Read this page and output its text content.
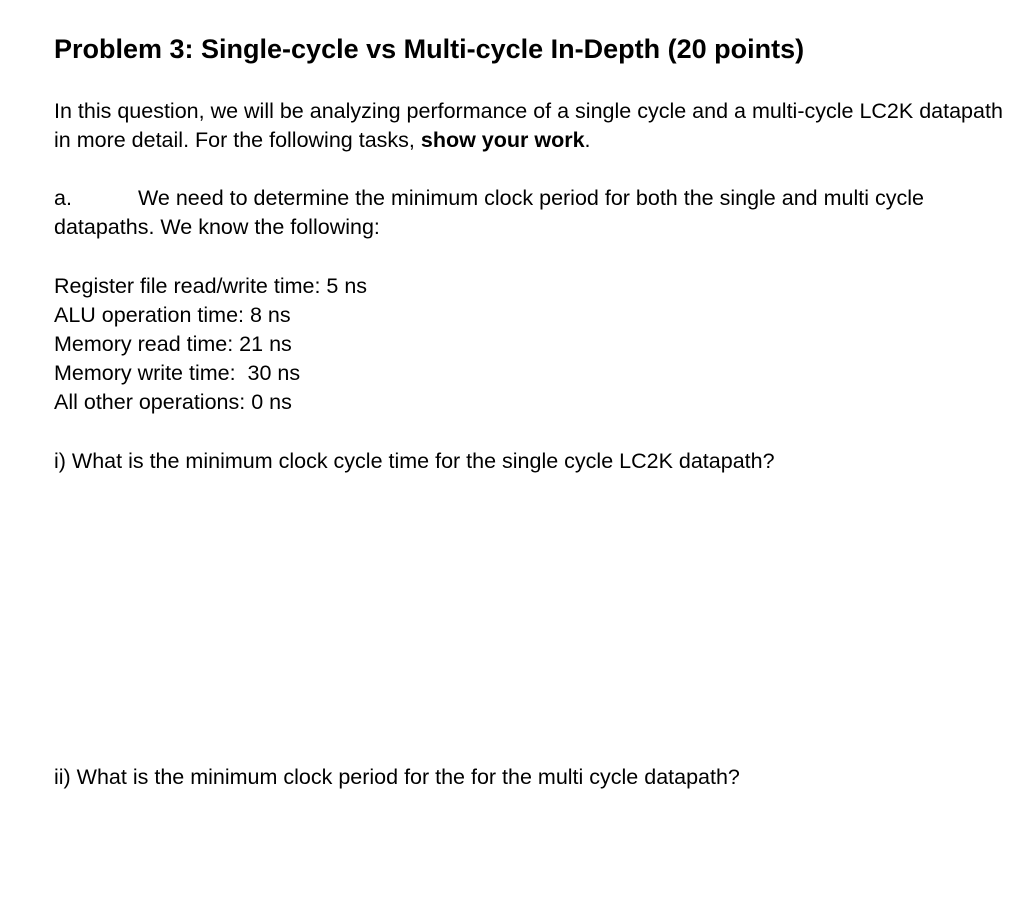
Problem 3: Single-cycle vs Multi-cycle In-Depth (20 points)

In this question, we will be analyzing performance of a single cycle and a multi-cycle LC2K datapath in more detail. For the following tasks, show your work.

a.	We need to determine the minimum clock period for both the single and multi cycle datapaths. We know the following:

Register file read/write time: 5 ns
ALU operation time: 8 ns
Memory read time: 21 ns
Memory write time:  30 ns
All other operations: 0 ns

i) What is the minimum clock cycle time for the single cycle LC2K datapath?

ii) What is the minimum clock period for the for the multi cycle datapath?
